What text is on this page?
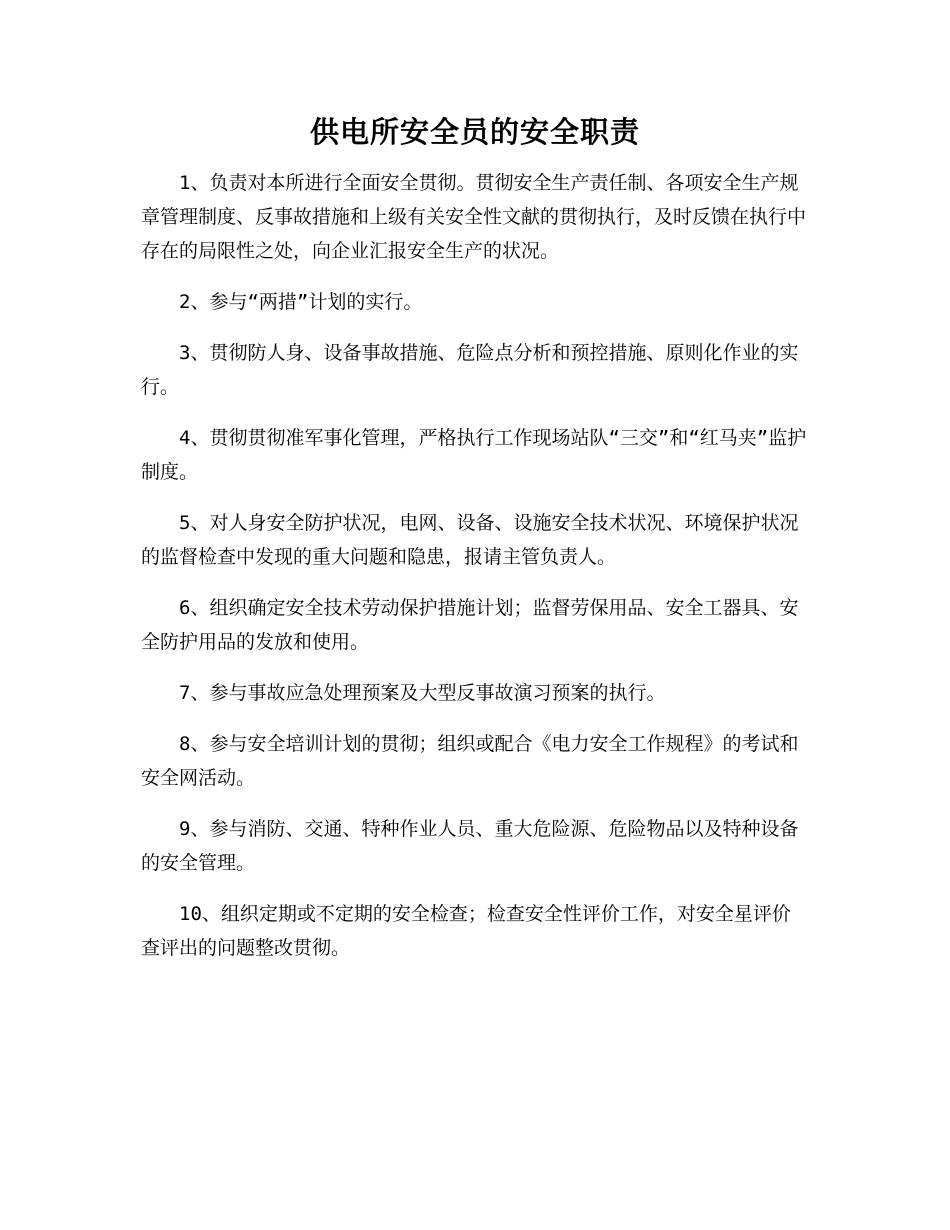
供电所安全员的安全职责

1、负责对本所进行全面安全贯彻。贯彻安全生产责任制、各项安全生产规章管理制度、反事故措施和上级有关安全性文献的贯彻执行，及时反馈在执行中存在的局限性之处，向企业汇报安全生产的状况。

2、参与“两措”计划的实行。

3、贯彻防人身、设备事故措施、危险点分析和预控措施、原则化作业的实行。

4、贯彻贯彻准军事化管理，严格执行工作现场站队“三交”和“红马夹”监护制度。

5、对人身安全防护状况，电网、设备、设施安全技术状况、环境保护状况的监督检查中发现的重大问题和隐患，报请主管负责人。

6、组织确定安全技术劳动保护措施计划；监督劳保用品、安全工器具、安全防护用品的发放和使用。

7、参与事故应急处理预案及大型反事故演习预案的执行。

8、参与安全培训计划的贯彻；组织或配合《电力安全工作规程》的考试和安全网活动。

9、参与消防、交通、特种作业人员、重大危险源、危险物品以及特种设备的安全管理。

10、组织定期或不定期的安全检查；检查安全性评价工作，对安全星评价查评出的问题整改贯彻。
